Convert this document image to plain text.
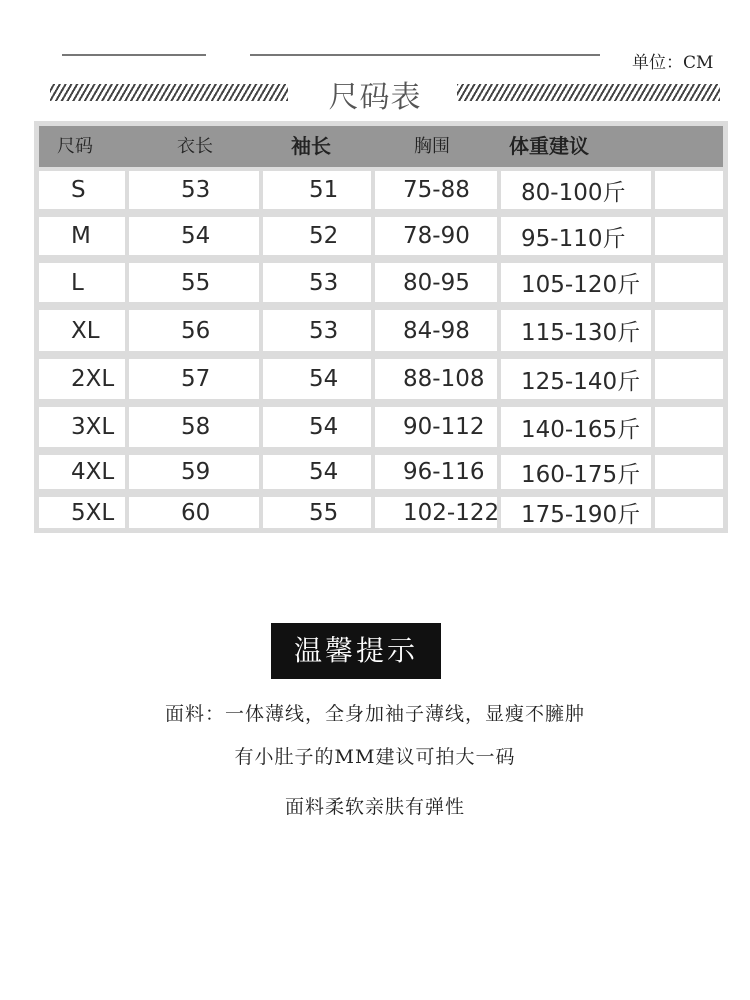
单位：CM
尺码表
尺码	衣长	袖长	胸围	体重建议
S	53	51	75-88 80-100斤
M	54	52	78-90 95-110斤
L	55	53	80-95 105-120斤
XL	56	53	84-98 115-130斤
2XL	57	54	88-108 125-140斤
3XL	58	54	90-112 140-165斤
4XL	59	54	96-116 160-175斤
5XL	60	55	102-122 175-190斤
温馨提示
面料：一体薄线，全身加袖子薄线，显瘦不臃肿
有小肚子的MM建议可拍大一码
面料柔软亲肤有弹性
